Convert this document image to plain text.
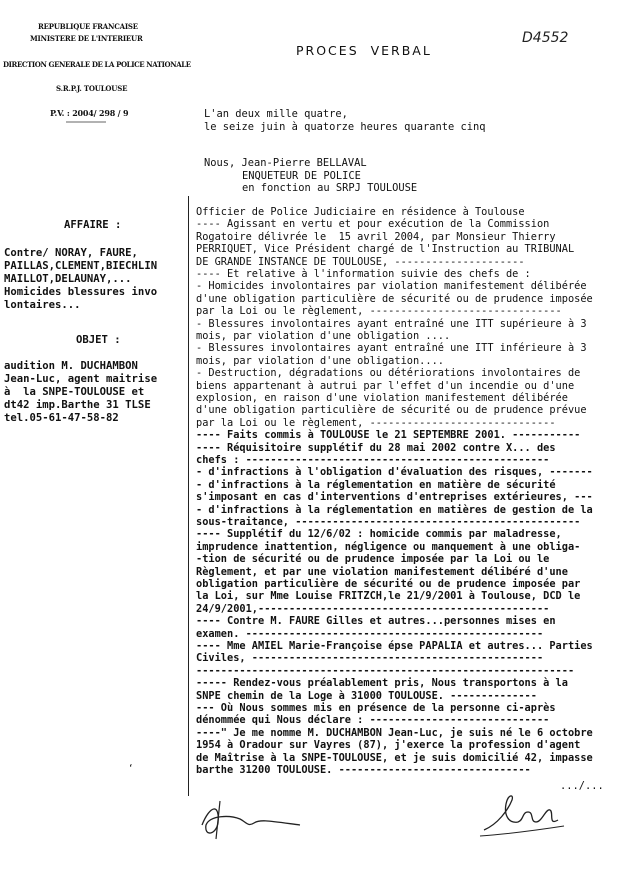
REPUBLIQUE FRANCAISE
MINISTERE DE L'INTERIEUR
DIRECTION GENERALE DE LA POLICE NATIONALE
S.R.P.J. TOULOUSE
P.V. : 2004/ 298 / 9
PROCES  VERBAL
D4552
L'an deux mille quatre,
le seize juin à quatorze heures quarante cinq
Nous, Jean-Pierre BELLAVAL
ENQUETEUR DE POLICE
en fonction au SRPJ TOULOUSE
AFFAIRE :
Contre/ NORAY, FAURE,
PAILLAS,CLEMENT,BIECHLIN
MAILLOT,DELAUNAY,...
Homicides blessures invo
lontaires...
OBJET :
audition M. DUCHAMBON
Jean-Luc, agent maitrise
à  la SNPE-TOULOUSE et
dt42 imp.Barthe 31 TLSE
tel.05-61-47-58-82
Officier de Police Judiciaire en résidence à Toulouse
---- Agissant en vertu et pour exécution de la Commission
Rogatoire délivrée le  15 avril 2004, par Monsieur Thierry
PERRIQUET, Vice Président chargé de l'Instruction au TRIBUNAL
DE GRANDE INSTANCE DE TOULOUSE, ---------------------
---- Et relative à l'information suivie des chefs de :
- Homicides involontaires par violation manifestement délibérée
d'une obligation particulière de sécurité ou de prudence imposée
par la Loi ou le règlement, -------------------------------
- Blessures involontaires ayant entraîné une ITT supérieure à 3
mois, par violation d'une obligation ....
- Blessures involontaires ayant entraîné une ITT inférieure à 3
mois, par violation d'une obligation....
- Destruction, dégradations ou détériorations involontaires de
biens appartenant à autrui par l'effet d'un incendie ou d'une
explosion, en raison d'une violation manifestement délibérée
d'une obligation particulière de sécurité ou de prudence prévue
par la Loi ou le règlement, ------------------------------
---- Faits commis à TOULOUSE le 21 SEPTEMBRE 2001. -----------
---- Réquisitoire supplétif du 28 mai 2002 contre X... des
chefs : -------------------------------------------------
- d'infractions à l'obligation d'évaluation des risques, -------
- d'infractions à la réglementation en matière de sécurité
s'imposant en cas d'interventions d'entreprises extérieures, ---
- d'infractions à la réglementation en matières de gestion de la
sous-traitance, ----------------------------------------------
---- Supplétif du 12/6/02 : homicide commis par maladresse,
imprudence inattention, négligence ou manquement à une obliga-
-tion de sécurité ou de prudence imposée par la Loi ou le
Règlement, et par une violation manifestement délibéré d'une
obligation particulière de sécurité ou de prudence imposée par
la Loi, sur Mme Louise FRITZCH,le 21/9/2001 à Toulouse, DCD le
24/9/2001,-----------------------------------------------
---- Contre M. FAURE Gilles et autres...personnes mises en
examen. ------------------------------------------------
---- Mme AMIEL Marie-Françoise épse PAPALIA et autres... Parties
Civiles, -----------------------------------------------
-------------------------------------------------------------
----- Rendez-vous préalablement pris, Nous transportons à la
SNPE chemin de la Loge à 31000 TOULOUSE. --------------
--- Où Nous sommes mis en présence de la personne ci-après
dénommée qui Nous déclare : -----------------------------
----" Je me nomme M. DUCHAMBON Jean-Luc, je suis né le 6 octobre
1954 à Oradour sur Vayres (87), j'exerce la profession d'agent
de Maîtrise à la SNPE-TOULOUSE, et je suis domicilié 42, impasse
barthe 31200 TOULOUSE. -------------------------------
.../...
‘
